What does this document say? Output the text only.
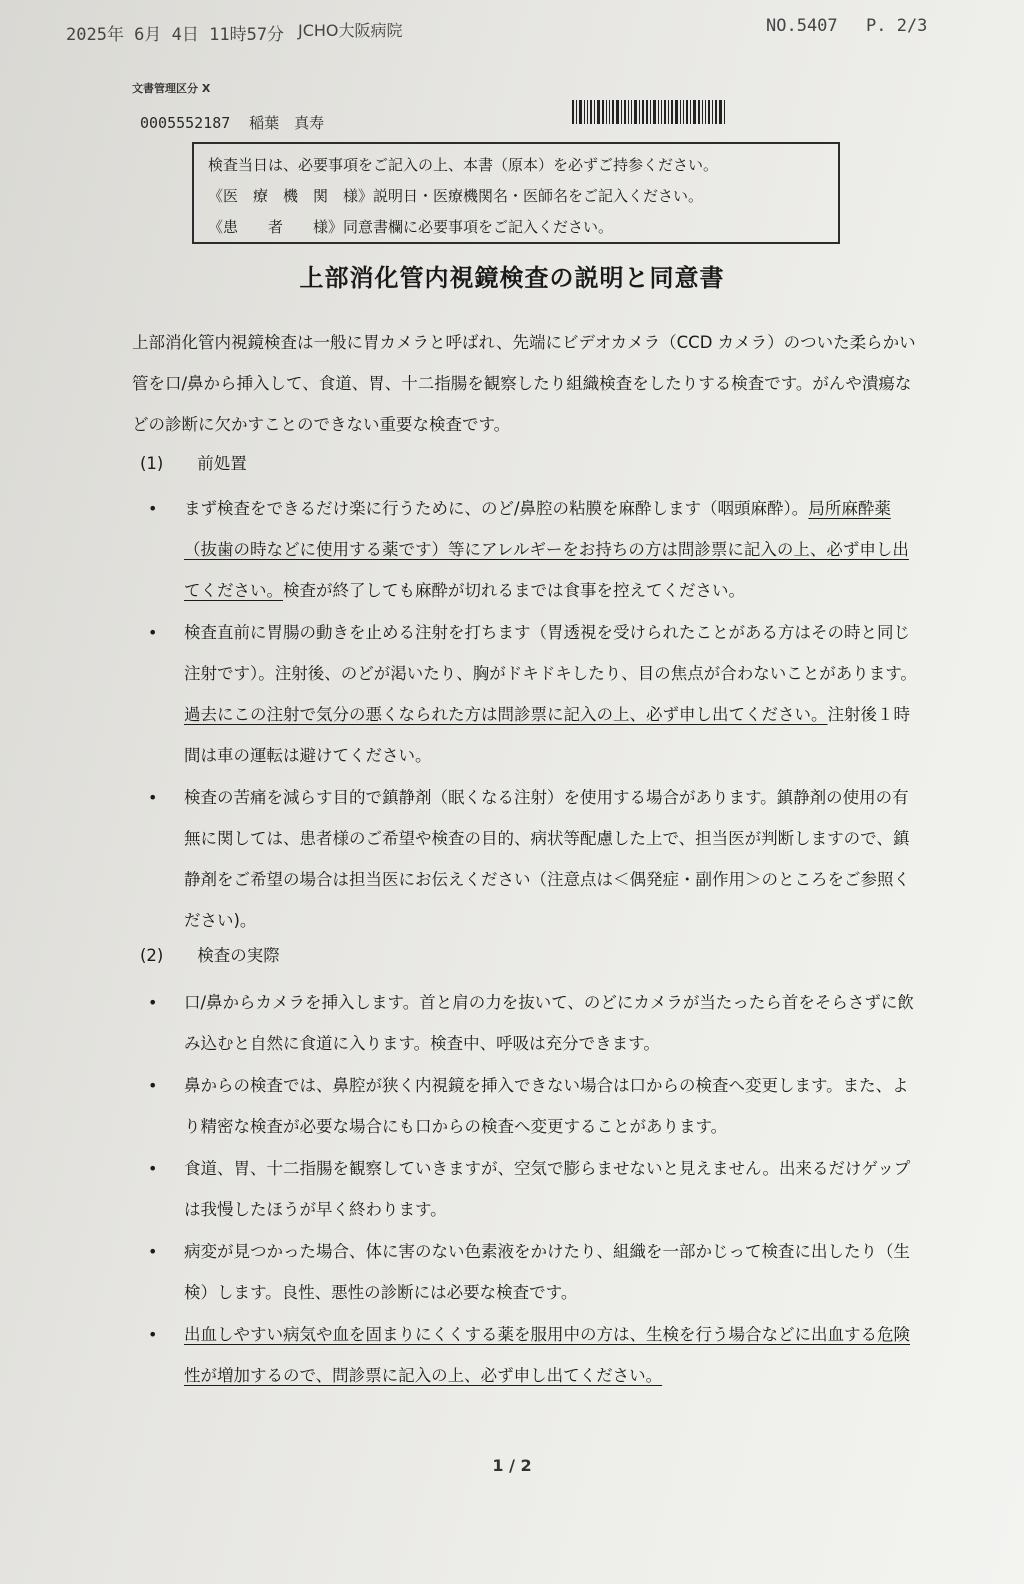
2025年 6月 4日 11時57分 JCHO大阪病院	NO.5407 P. 2/3
文書管理区分 X
0005552187 稲葉　真寿
検査当日は、必要事項をご記入の上、本書（原本）を必ずご持参ください。
《医　療　機　関　様》説明日・医療機関名・医師名をご記入ください。
《患　　者　　様》同意書欄に必要事項をご記入ください。
上部消化管内視鏡検査の説明と同意書
上部消化管内視鏡検査は一般に胃カメラと呼ばれ、先端にビデオカメラ（CCD カメラ）のついた柔らかい管を口/鼻から挿入して、食道、胃、十二指腸を観察したり組織検査をしたりする検査です。がんや潰瘍などの診断に欠かすことのできない重要な検査です。
(1) 前処置
• まず検査をできるだけ楽に行うために、のど/鼻腔の粘膜を麻酔します（咽頭麻酔）。局所麻酔薬（抜歯の時などに使用する薬です）等にアレルギーをお持ちの方は問診票に記入の上、必ず申し出てください。検査が終了しても麻酔が切れるまでは食事を控えてください。
• 検査直前に胃腸の動きを止める注射を打ちます（胃透視を受けられたことがある方はその時と同じ注射です）。注射後、のどが渇いたり、胸がドキドキしたり、目の焦点が合わないことがあります。過去にこの注射で気分の悪くなられた方は問診票に記入の上、必ず申し出てください。注射後１時間は車の運転は避けてください。
• 検査の苦痛を減らす目的で鎮静剤（眠くなる注射）を使用する場合があります。鎮静剤の使用の有無に関しては、患者様のご希望や検査の目的、病状等配慮した上で、担当医が判断しますので、鎮静剤をご希望の場合は担当医にお伝えください（注意点は＜偶発症・副作用＞のところをご参照ください)。
(2) 検査の実際
• 口/鼻からカメラを挿入します。首と肩の力を抜いて、のどにカメラが当たったら首をそらさずに飲み込むと自然に食道に入ります。検査中、呼吸は充分できます。
• 鼻からの検査では、鼻腔が狭く内視鏡を挿入できない場合は口からの検査へ変更します。また、より精密な検査が必要な場合にも口からの検査へ変更することがあります。
• 食道、胃、十二指腸を観察していきますが、空気で膨らませないと見えません。出来るだけゲップは我慢したほうが早く終わります。
• 病変が見つかった場合、体に害のない色素液をかけたり、組織を一部かじって検査に出したり（生検）します。良性、悪性の診断には必要な検査です。
• 出血しやすい病気や血を固まりにくくする薬を服用中の方は、生検を行う場合などに出血する危険性が増加するので、問診票に記入の上、必ず申し出てください。
1 / 2
